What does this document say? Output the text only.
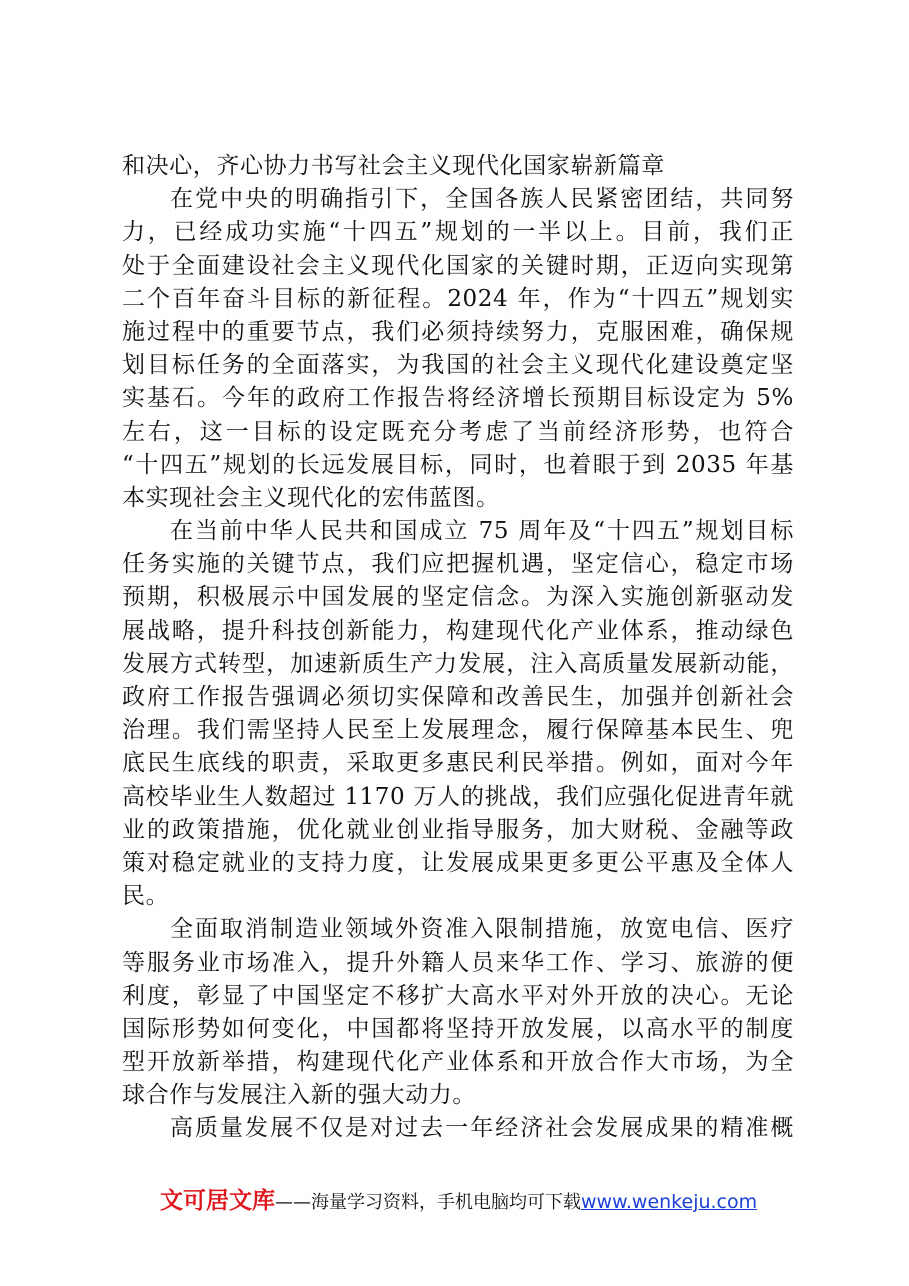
和决心，齐心协力书写社会主义现代化国家崭新篇章
在党中央的明确指引下，全国各族人民紧密团结，共同努
力，已经成功实施“十四五”规划的一半以上。目前，我们正
处于全面建设社会主义现代化国家的关键时期，正迈向实现第
二个百年奋斗目标的新征程。2024 年，作为“十四五”规划实
施过程中的重要节点，我们必须持续努力，克服困难，确保规
划目标任务的全面落实，为我国的社会主义现代化建设奠定坚
实基石。今年的政府工作报告将经济增长预期目标设定为 5%
左右，这一目标的设定既充分考虑了当前经济形势，也符合
“十四五”规划的长远发展目标，同时，也着眼于到 2035 年基
本实现社会主义现代化的宏伟蓝图。
在当前中华人民共和国成立 75 周年及“十四五”规划目标
任务实施的关键节点，我们应把握机遇，坚定信心，稳定市场
预期，积极展示中国发展的坚定信念。为深入实施创新驱动发
展战略，提升科技创新能力，构建现代化产业体系，推动绿色
发展方式转型，加速新质生产力发展，注入高质量发展新动能，
政府工作报告强调必须切实保障和改善民生，加强并创新社会
治理。我们需坚持人民至上发展理念，履行保障基本民生、兜
底民生底线的职责，采取更多惠民利民举措。例如，面对今年
高校毕业生人数超过 1170 万人的挑战，我们应强化促进青年就
业的政策措施，优化就业创业指导服务，加大财税、金融等政
策对稳定就业的支持力度，让发展成果更多更公平惠及全体人
民。
全面取消制造业领域外资准入限制措施，放宽电信、医疗
等服务业市场准入，提升外籍人员来华工作、学习、旅游的便
利度，彰显了中国坚定不移扩大高水平对外开放的决心。无论
国际形势如何变化，中国都将坚持开放发展，以高水平的制度
型开放新举措，构建现代化产业体系和开放合作大市场，为全
球合作与发展注入新的强大动力。
高质量发展不仅是对过去一年经济社会发展成果的精准概
文可居文库——海量学习资料，手机电脑均可下载www.wenkeju.com
